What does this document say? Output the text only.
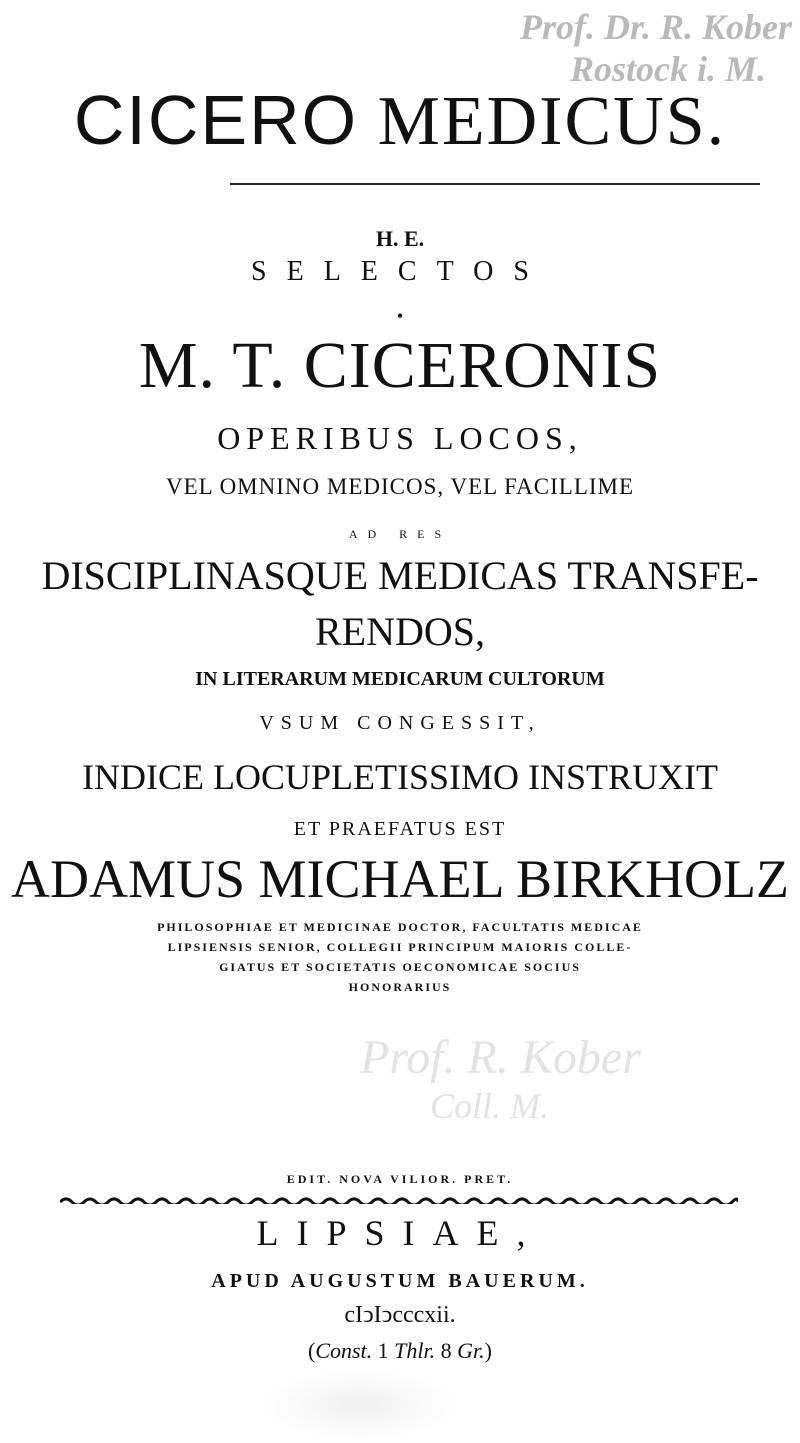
Prof. Dr. R. Kober
Rostock i. M.
CICERO MEDICUS.
H. E.
SELECTOS
•
M. T. CICERONIS
OPERIBUS LOCOS,
VEL OMNINO MEDICOS, VEL FACILLIME
AD RES
DISCIPLINASQUE MEDICAS TRANSFE-
RENDOS,
IN LITERARUM MEDICARUM CULTORUM
VSUM CONGESSIT,
INDICE LOCUPLETISSIMO INSTRUXIT
ET PRAEFATUS EST
ADAMUS MICHAEL BIRKHOLZ
PHILOSOPHIAE ET MEDICINAE DOCTOR, FACULTATIS MEDICAE
LIPSIENSIS SENIOR, COLLEGII PRINCIPUM MAIORIS COLLE-
GIATUS ET SOCIETATIS OECONOMICAE SOCIUS
HONORARIUS
Prof. R. Kober
Coll. M.
EDIT. NOVA VILIOR. PRET.
LIPSIAE,
APUD AUGUSTUM BAUERUM.
cIↄIↄcccxii.
(Const. 1 Thlr. 8 Gr.)
